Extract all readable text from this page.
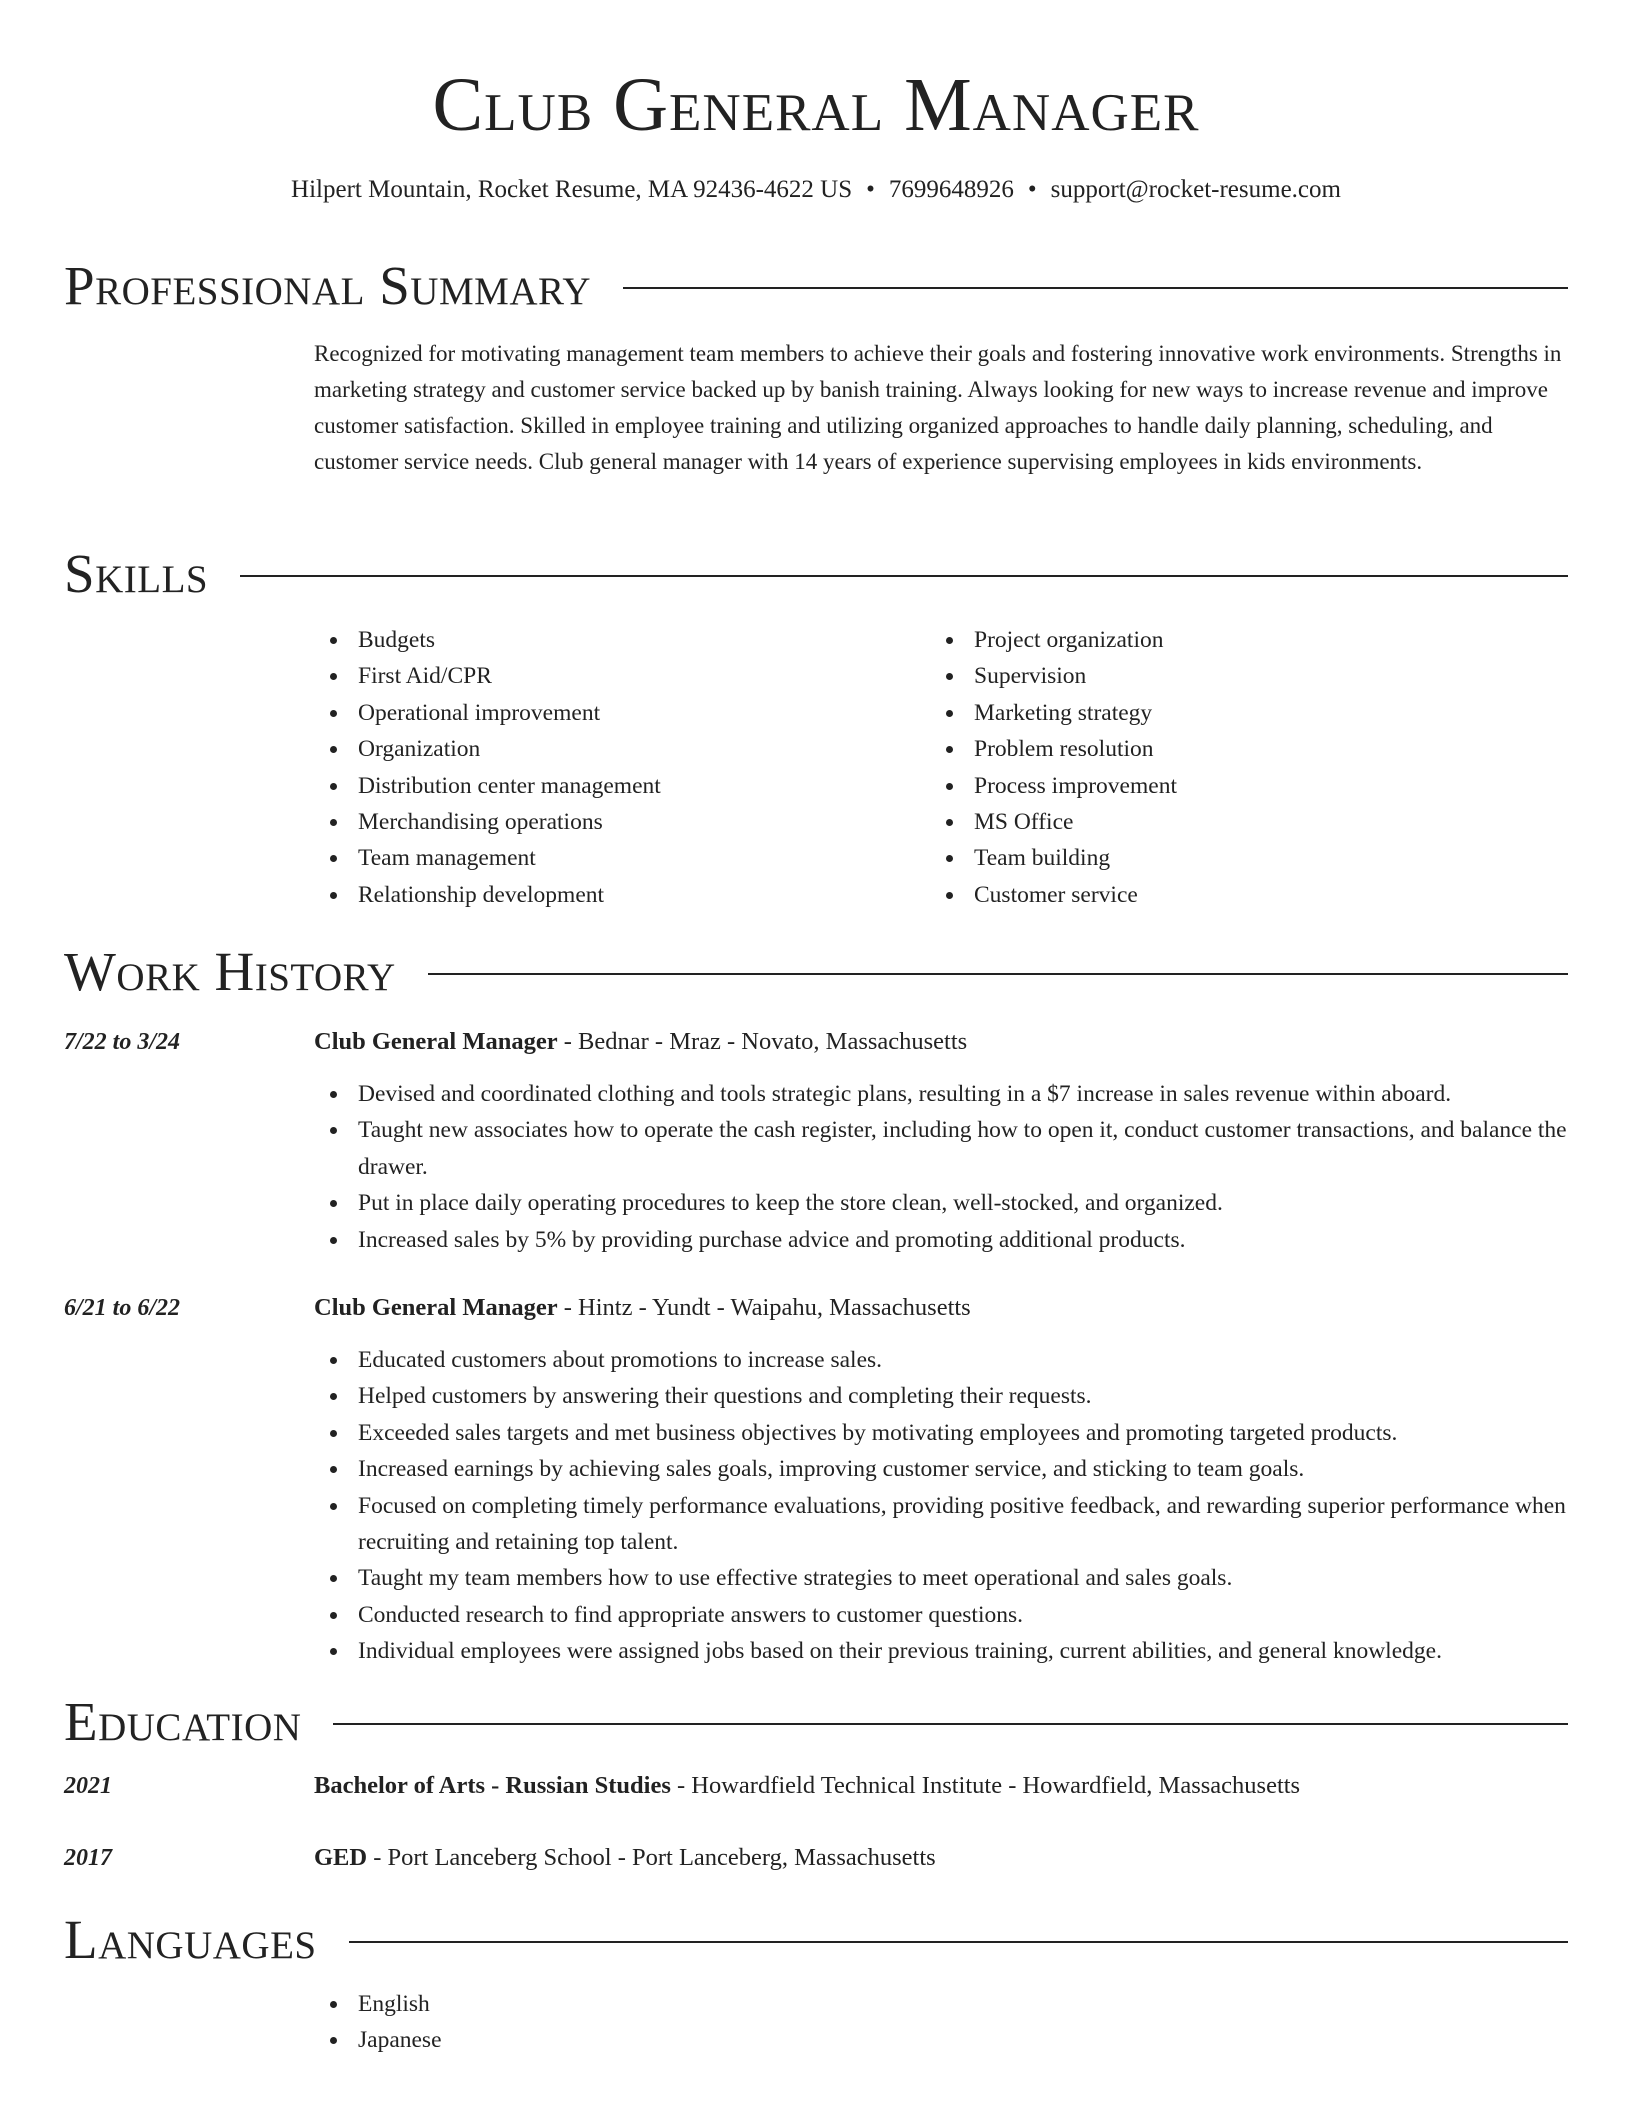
Club General Manager
Hilpert Mountain, Rocket Resume, MA 92436-4622 US • 7699648926 • support@rocket-resume.com
Professional Summary
Recognized for motivating management team members to achieve their goals and fostering innovative work environments. Strengths in marketing strategy and customer service backed up by banish training. Always looking for new ways to increase revenue and improve customer satisfaction. Skilled in employee training and utilizing organized approaches to handle daily planning, scheduling, and customer service needs. Club general manager with 14 years of experience supervising employees in kids environments.
Skills
Budgets
First Aid/CPR
Operational improvement
Organization
Distribution center management
Merchandising operations
Team management
Relationship development
Project organization
Supervision
Marketing strategy
Problem resolution
Process improvement
MS Office
Team building
Customer service
Work History
7/22 to 3/24	Club General Manager - Bednar - Mraz - Novato, Massachusetts
Devised and coordinated clothing and tools strategic plans, resulting in a $7 increase in sales revenue within aboard.
Taught new associates how to operate the cash register, including how to open it, conduct customer transactions, and balance the drawer.
Put in place daily operating procedures to keep the store clean, well-stocked, and organized.
Increased sales by 5% by providing purchase advice and promoting additional products.
6/21 to 6/22	Club General Manager - Hintz - Yundt - Waipahu, Massachusetts
Educated customers about promotions to increase sales.
Helped customers by answering their questions and completing their requests.
Exceeded sales targets and met business objectives by motivating employees and promoting targeted products.
Increased earnings by achieving sales goals, improving customer service, and sticking to team goals.
Focused on completing timely performance evaluations, providing positive feedback, and rewarding superior performance when recruiting and retaining top talent.
Taught my team members how to use effective strategies to meet operational and sales goals.
Conducted research to find appropriate answers to customer questions.
Individual employees were assigned jobs based on their previous training, current abilities, and general knowledge.
Education
2021	Bachelor of Arts - Russian Studies - Howardfield Technical Institute - Howardfield, Massachusetts
2017	GED - Port Lanceberg School - Port Lanceberg, Massachusetts
Languages
English
Japanese
